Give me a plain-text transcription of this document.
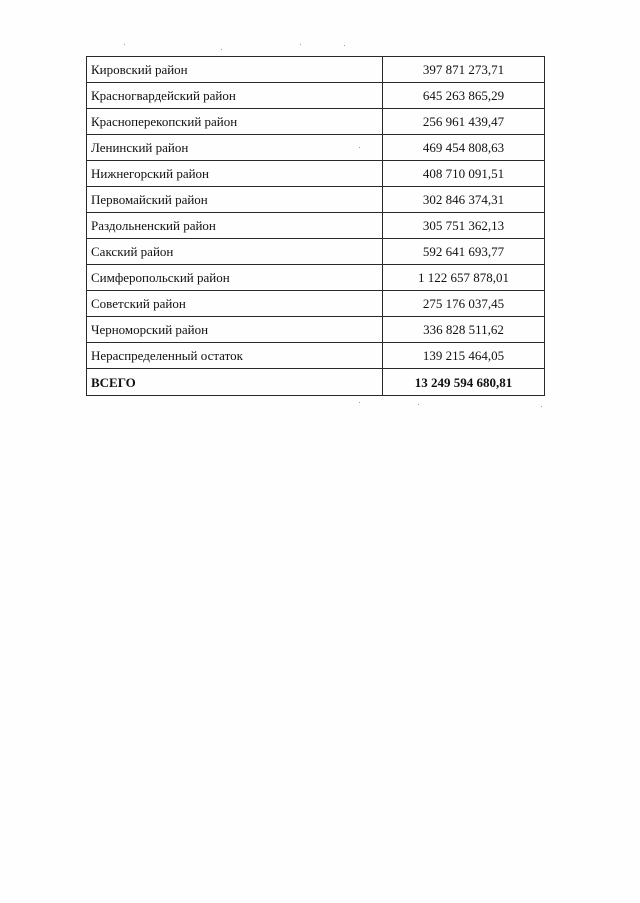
Кировский район	397 871 273,71
Красногвардейский район	645 263 865,29
Красноперекопский район	256 961 439,47
Ленинский район	469 454 808,63
Нижнегорский район	408 710 091,51
Первомайский район	302 846 374,31
Раздольненский район	305 751 362,13
Сакский район	592 641 693,77
Симферопольский район	1 122 657 878,01
Советский район	275 176 037,45
Черноморский район	336 828 511,62
Нераспределенный остаток	139 215 464,05
ВСЕГО	13 249 594 680,81
